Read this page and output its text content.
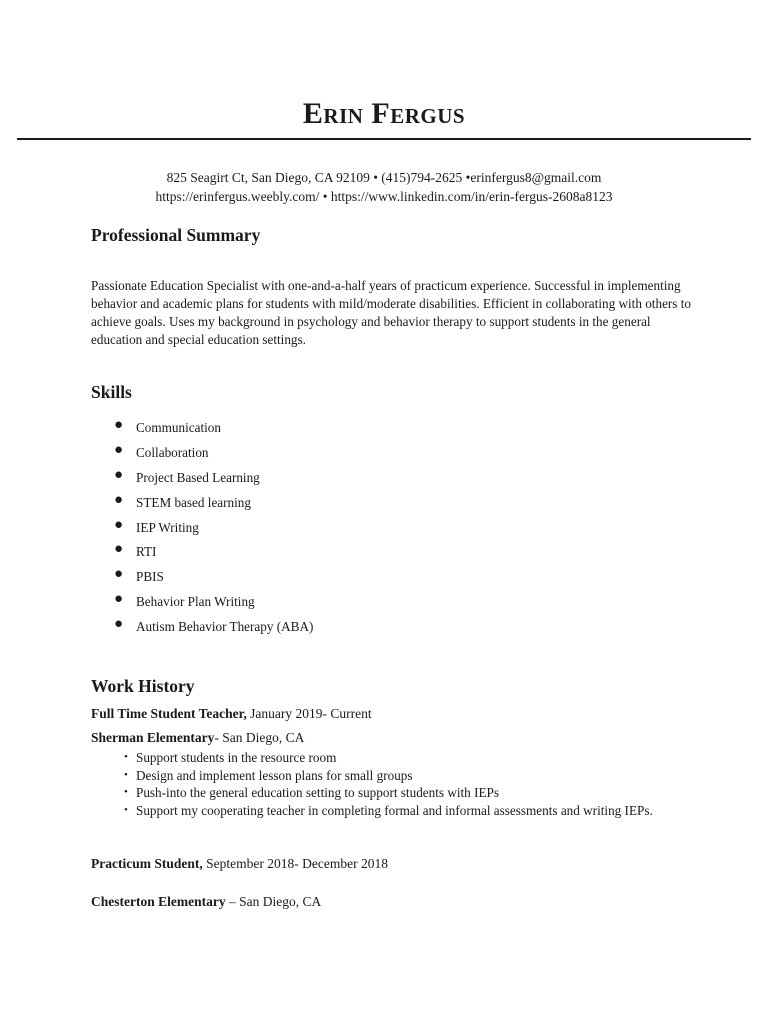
Erin Fergus
825 Seagirt Ct, San Diego, CA 92109 • (415)794-2625 •erinfergus8@gmail.com
https://erinfergus.weebly.com/ • https://www.linkedin.com/in/erin-fergus-2608a8123
Professional Summary
Passionate Education Specialist with one-and-a-half years of practicum experience. Successful in implementing behavior and academic plans for students with mild/moderate disabilities. Efficient in collaborating with others to achieve goals. Uses my background in psychology and behavior therapy to support students in the general education and special education settings.
Skills
● Communication
● Collaboration
● Project Based Learning
● STEM based learning
● IEP Writing
● RTI
● PBIS
● Behavior Plan Writing
● Autism Behavior Therapy (ABA)
Work History
Full Time Student Teacher, January 2019- Current
Sherman Elementary- San Diego, CA
• Support students in the resource room
• Design and implement lesson plans for small groups
• Push-into the general education setting to support students with IEPs
• Support my cooperating teacher in completing formal and informal assessments and writing IEPs.
Practicum Student, September 2018- December 2018
Chesterton Elementary – San Diego, CA
